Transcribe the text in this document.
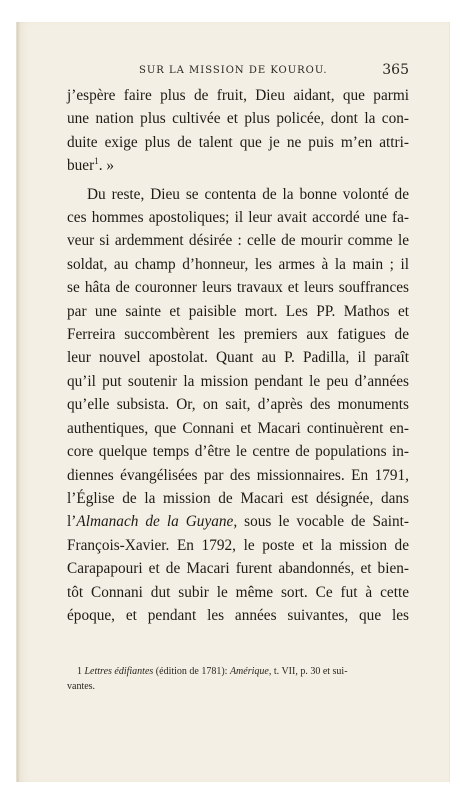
SUR LA MISSION DE KOUROU.	365
j’espère faire plus de fruit, Dieu aidant, que parmi
une nation plus cultivée et plus policée, dont la con-
duite exige plus de talent que je ne puis m’en attri-
buer$^1$. »
Du reste, Dieu se contenta de la bonne volonté de
ces hommes apostoliques; il leur avait accordé une fa-
veur si ardemment désirée : celle de mourir comme le
soldat, au champ d’honneur, les armes à la main ; il
se hâta de couronner leurs travaux et leurs souffrances
par une sainte et paisible mort. Les PP. Mathos et
Ferreira succombèrent les premiers aux fatigues de
leur nouvel apostolat. Quant au P. Padilla, il paraît
qu’il put soutenir la mission pendant le peu d’années
qu’elle subsista. Or, on sait, d’après des monuments
authentiques, que Connani et Macari continuèrent en-
core quelque temps d’être le centre de populations in-
diennes évangélisées par des missionnaires. En 1791,
l’Église de la mission de Macari est désignée, dans
l’Almanach de la Guyane, sous le vocable de Saint-
François-Xavier. En 1792, le poste et la mission de
Carapapouri et de Macari furent abandonnés, et bien-
tôt Connani dut subir le même sort. Ce fut à cette
époque, et pendant les années suivantes, que les
1 Lettres édifiantes (édition de 1781): Amérique, t. VII, p. 30 et sui-
vantes.
